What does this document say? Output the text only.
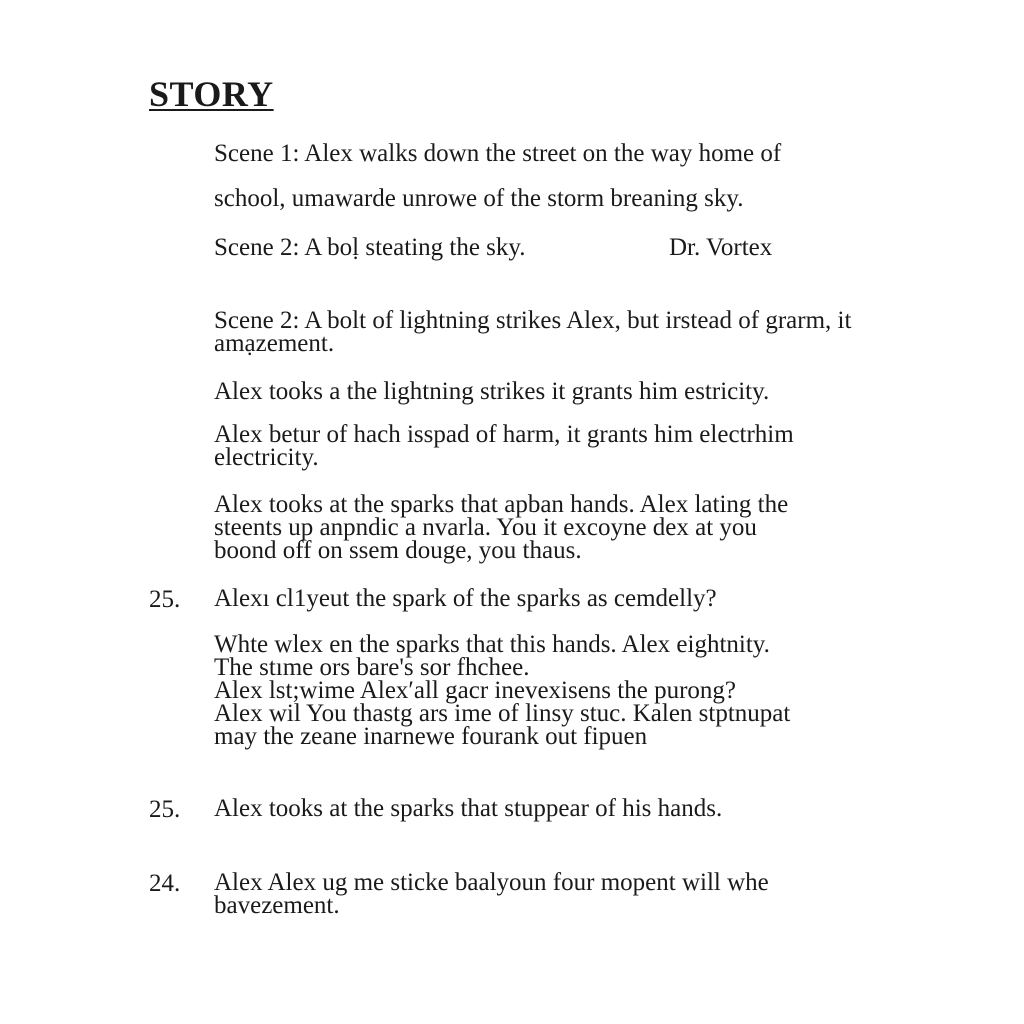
STORY

Scene 1: Alex walks down the street on the way home of

school, umawarde unrowe of the storm breaning sky.

Scene 2: A boḷ steating the sky.	Dr. Vortex

Scene 2: A bolt of lightning strikes Alex, but irstead of grarm, it
amạzement.
Alex tooks a the lightning strikes it grants him estricity.
Alex betur of hach isspad of harm, it grants him electrhim
electricity.
Alex tooks at the sparks that apban hands. Alex lating the
steents up anpndic a nvarla. You it excoyne dex at you
boond off on ssem douge, you thaus.

25. Alexı cl1yeut the spark of the sparks as cemdelly?
Whte wlex en the sparks that this hands. Alex eightnity.
The stıme ors bare's sor fhchee.
Alex lst;wime Alexʹall gacr inevexisens the purong?
Alex wil You thastg ars ime of linsy stuc. Kalen stptnupat
may the zeane inarnewe fourank out fipuen

25. Alex tooks at the sparks that stuppear of his hands.

24. Alex Alex ug me sticke baalyoun four mopent will whe
bavezement.
